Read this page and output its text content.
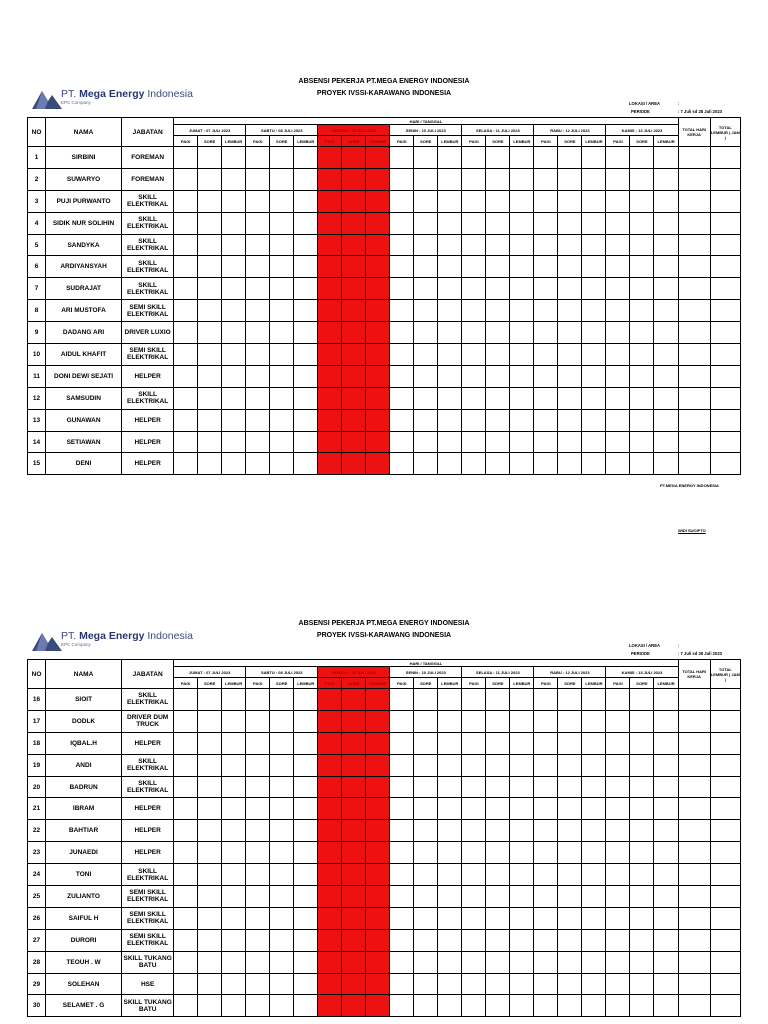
PT. Mega Energy Indonesia
EPC Company
ABSENSI PEKERJA PT.MEGA ENERGY INDONESIA
PROYEK IVSSI-KARAWANG INDONESIA
LOKASI / AREA	:
PERIODE	: 7 Juli sd 28 Juli 2023
NO	NAMA	JABATAN	HARI / TANGGAL																					TOTAL HARI KERJA	TOTAL LEMBUR ( JAM )
			JUMAT : 07 JULI 2023			SABTU : 08 JULI 2023			MINGGU : 09 JULI 2023			SENIN : 10 JULI 2023			SELASA : 11 JULI 2023			RABU : 12 JULI 2023			KAMIS : 13 JULI 2023				
			PAGI	SORE	LEMBUR	PAGI	SORE	LEMBUR	PAGI	SORE	LEMBUR	PAGI	SORE	LEMBUR	PAGI	SORE	LEMBUR	PAGI	SORE	LEMBUR	PAGI	SORE	LEMBUR		
1	SIRBINI	FOREMAN																							
2	SUWARYO	FOREMAN																							
3	PUJI PURWANTO	SKILL ELEKTRIKAL																							
4	SIDIK NUR SOLIHIN	SKILL ELEKTRIKAL																							
5	SANDYKA	SKILL ELEKTRIKAL																							
6	ARDIYANSYAH	SKILL ELEKTRIKAL																							
7	SUDRAJAT	SKILL ELEKTRIKAL																							
8	ARI MUSTOFA	SEMI SKILL ELEKTRIKAL																							
9	DADANG ARI	DRIVER LUXIO																							
10	AIDUL KHAFIT	SEMI SKILL ELEKTRIKAL																							
11	DONI DEWI SEJATI	HELPER																							
12	SAMSUDIN	SKILL ELEKTRIKAL																							
13	GUNAWAN	HELPER																							
14	SETIAWAN	HELPER																							
15	DENI	HELPER																							
PT.MEGA ENERGY INDONESIA
WIDI SUCIPTO
PT. Mega Energy Indonesia
EPC Company
ABSENSI PEKERJA PT.MEGA ENERGY INDONESIA
PROYEK IVSSI-KARAWANG INDONESIA
LOKASI / AREA	:
PERIODE	: 7 Juli sd 28 Juli 2023
NO	NAMA	JABATAN	HARI / TANGGAL																					TOTAL HARI KERJA	TOTAL LEMBUR ( JAM )
			JUMAT : 07 JULI 2023			SABTU : 08 JULI 2023			MINGGU : 09 JULI 2023			SENIN : 10 JULI 2023			SELASA : 11 JULI 2023			RABU : 12 JULI 2023			KAMIS : 13 JULI 2023				
			PAGI	SORE	LEMBUR	PAGI	SORE	LEMBUR	PAGI	SORE	LEMBUR	PAGI	SORE	LEMBUR	PAGI	SORE	LEMBUR	PAGI	SORE	LEMBUR	PAGI	SORE	LEMBUR		
16	SIOIT	SKILL ELEKTRIKAL																							
17	DODLK	DRIVER DUM TRUCK																							
18	IQBAL.H	HELPER																							
19	ANDI	SKILL ELEKTRIKAL																							
20	BADRUN	SKILL ELEKTRIKAL																							
21	IBRAM	HELPER																							
22	BAHTIAR	HELPER																							
23	JUNAEDI	HELPER																							
24	TONI	SKILL ELEKTRIKAL																							
25	ZULIANTO	SEMI SKILL ELEKTRIKAL																							
26	SAIFUL H	SEMI SKILL ELEKTRIKAL																							
27	DURORI	SEMI SKILL ELEKTRIKAL																							
28	TEOUH . W	SKILL TUKANG BATU																							
29	SOLEHAN	HSE																							
30	SELAMET . G	SKILL TUKANG BATU																							
